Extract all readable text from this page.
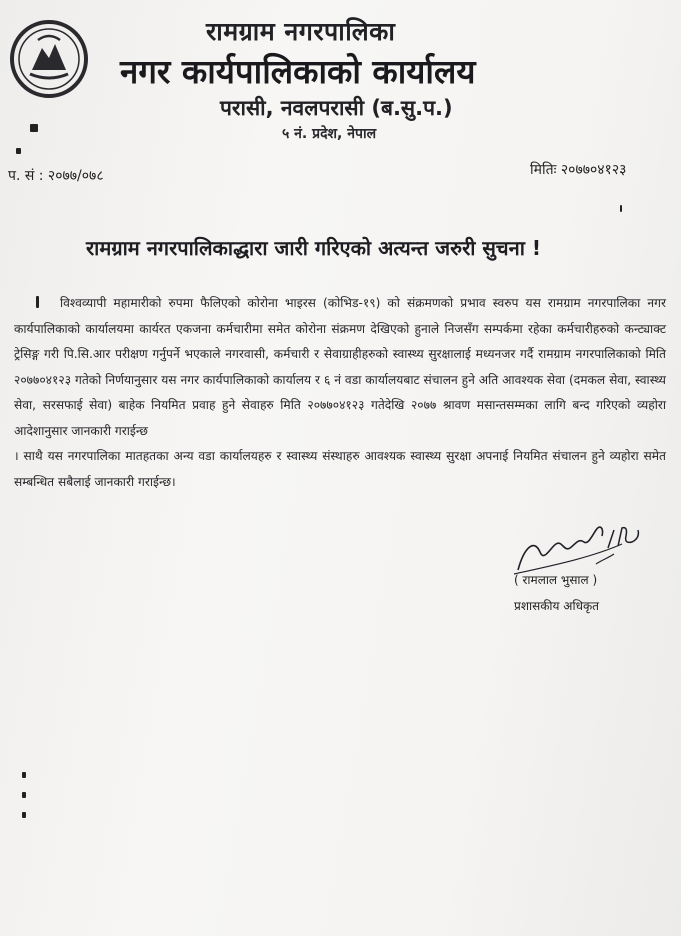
रामग्राम नगरपालिका
नगर कार्यपालिकाको कार्यालय
परासी, नवलपरासी (ब.सु.प.)
५ नं. प्रदेश, नेपाल
प. सं : २०७७/०७८	मितिः २०७७०४१२३
रामग्राम नगरपालिकाद्धारा जारी गरिएको अत्यन्त जरुरी सुचना !

विश्वव्यापी महामारीको रुपमा फैलिएको कोरोना भाइरस (कोभिड-१९) को संक्रमणको प्रभाव स्वरुप यस रामग्राम नगरपालिका नगर कार्यपालिकाको कार्यालयमा कार्यरत एकजना कर्मचारीमा समेत कोरोना संक्रमण देखिएको हुनाले निजसँग सम्पर्कमा रहेका कर्मचारीहरुको कन्ट्याक्ट ट्रेसिङ्ग गरी पि.सि.आर परीक्षण गर्नुपर्ने भएकाले नगरवासी, कर्मचारी र सेवाग्राहीहरुको स्वास्थ्य सुरक्षालाई मध्यनजर गर्दै रामग्राम नगरपालिकाको मिति २०७७०४१२३ गतेको निर्णयानुसार यस नगर कार्यपालिकाको कार्यालय र ६ नं वडा कार्यालयबाट संचालन हुने अति आवश्यक सेवा (दमकल सेवा, स्वास्थ्य सेवा, सरसफाई सेवा) बाहेक नियमित प्रवाह हुने सेवाहरु मिति २०७७०४१२३ गतेदेखि २०७७ श्रावण मसान्तसम्मका लागि बन्द गरिएको व्यहोरा आदेशानुसार जानकारी गराईन्छ

। साथै यस नगरपालिका मातहतका अन्य वडा कार्यालयहरु र स्वास्थ्य संस्थाहरु आवश्यक स्वास्थ्य सुरक्षा अपनाई नियमित संचालन हुने व्यहोरा समेत सम्बन्धित सबैलाई जानकारी गराईन्छ।

( रामलाल भुसाल )
प्रशासकीय अधिकृत
